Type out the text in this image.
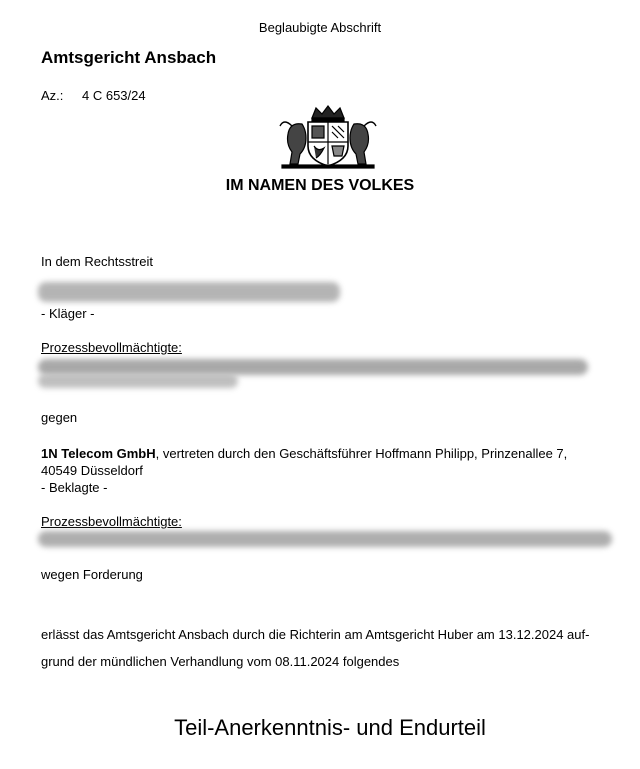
Beglaubigte Abschrift
Amtsgericht Ansbach
Az.: 4 C 653/24
IM NAMEN DES VOLKES
In dem Rechtsstreit
- Kläger -
Prozessbevollmächtigte:
gegen
1N Telecom GmbH, vertreten durch den Geschäftsführer Hoffmann Philipp, Prinzenallee 7,
40549 Düsseldorf
- Beklagte -
Prozessbevollmächtigte:
wegen Forderung
erlässt das Amtsgericht Ansbach durch die Richterin am Amtsgericht Huber am 13.12.2024 auf-
grund der mündlichen Verhandlung vom 08.11.2024 folgendes
Teil-Anerkenntnis- und Endurteil
